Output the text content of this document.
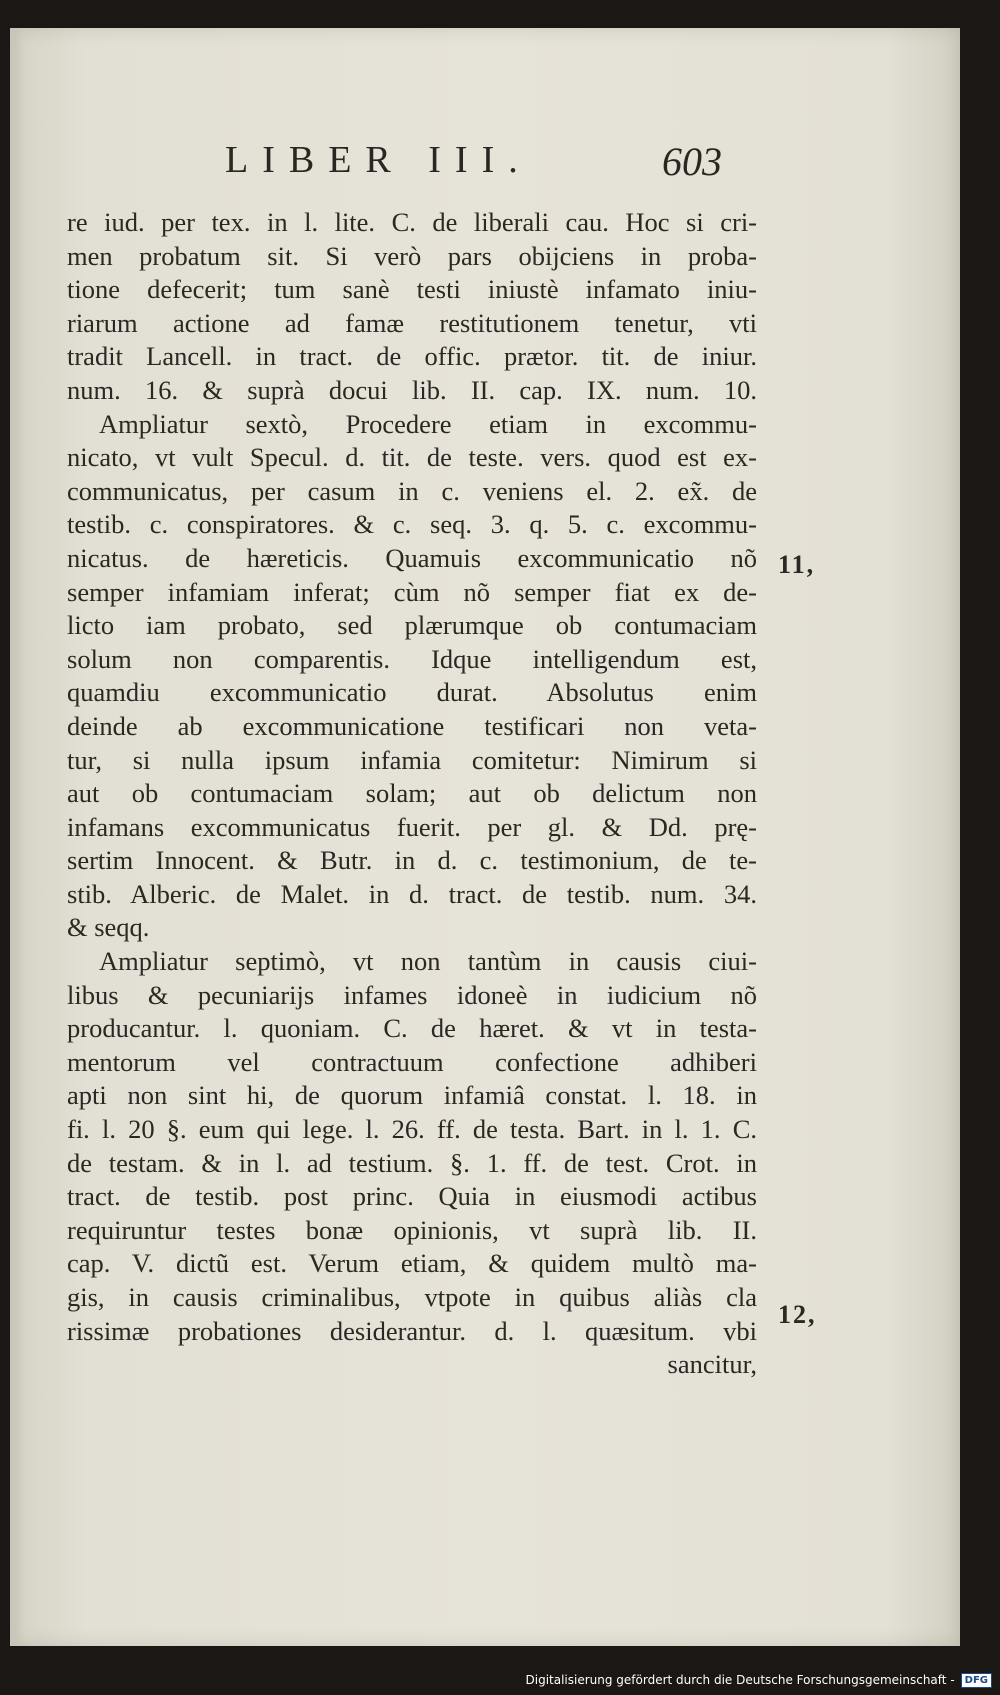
LIBER III.	603
re iud. per tex. in l. lite. C. de liberali cau. Hoc si cri-
men probatum sit. Si verò pars obijciens in proba-
tione defecerit; tum sanè testi iniustè infamato iniu-
riarum actione ad famæ restitutionem tenetur, vti
tradit Lancell. in tract. de offic. prætor. tit. de iniur.
num. 16. & suprà docui lib. II. cap. IX. num. 10.
Ampliatur sextò, Procedere etiam in excommu-
nicato, vt vult Specul. d. tit. de teste. vers. quod est ex-
communicatus, per casum in c. veniens el. 2. ex̃. de
testib. c. conspiratores. & c. seq. 3. q. 5. c. excommu-
nicatus. de hæreticis. Quamuis excommunicatio nõ
semper infamiam inferat; cùm nõ semper fiat ex de-
licto iam probato, sed plærumque ob contumaciam
solum non comparentis. Idque intelligendum est,
quamdiu excommunicatio durat. Absolutus enim
deinde ab excommunicatione testificari non veta-
tur, si nulla ipsum infamia comitetur: Nimirum si
aut ob contumaciam solam; aut ob delictum non
infamans excommunicatus fuerit. per gl. & Dd. prę-
sertim Innocent. & Butr. in d. c. testimonium, de te-
stib. Alberic. de Malet. in d. tract. de testib. num. 34.
& seqq.
Ampliatur septimò, vt non tantùm in causis ciui-
libus & pecuniarijs infames idoneè in iudicium nõ
producantur. l. quoniam. C. de hæret. & vt in testa-
mentorum vel contractuum confectione adhiberi
apti non sint hi, de quorum infamiâ constat. l. 18. in
fi. l. 20 §. eum qui lege. l. 26. ff. de testa. Bart. in l. 1. C.
de testam. & in l. ad testium. §. 1. ff. de test. Crot. in
tract. de testib. post princ. Quia in eiusmodi actibus
requiruntur testes bonæ opinionis, vt suprà lib. II.
cap. V. dictũ est. Verum etiam, & quidem multò ma-
gis, in causis criminalibus, vtpote in quibus aliàs cla
rissimæ probationes desiderantur. d. l. quæsitum. vbi
sancitur,
11,
12,
Digitalisierung gefördert durch die Deutsche Forschungsgemeinschaft -	DFG
